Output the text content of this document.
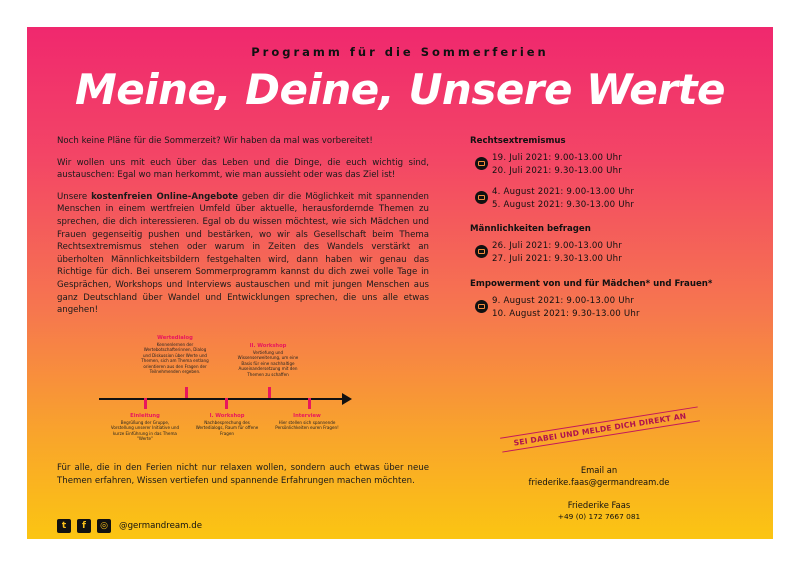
Programm für die Sommerferien
Meine, Deine, Unsere Werte

Noch keine Pläne für die Sommerzeit? Wir haben da mal was vorbereitet!

Wir wollen uns mit euch über das Leben und die Dinge, die euch wichtig sind, austauschen: Egal wo man herkommt, wie man aussieht oder was das Ziel ist!

Unsere kostenfreien Online-Angebote geben dir die Möglichkeit mit spannenden Menschen in einem wertfreien Umfeld über aktuelle, herausfordernde Themen zu sprechen, die dich interessieren. Egal ob du wissen möchtest, wie sich Mädchen und Frauen gegenseitig pushen und bestärken, wo wir als Gesellschaft beim Thema Rechtsextremismus stehen oder warum in Zeiten des Wandels verstärkt an überholten Männlichkeitsbildern festgehalten wird, dann haben wir genau das Richtige für dich. Bei unserem Sommerprogramm kannst du dich zwei volle Tage in Gesprächen, Workshops und Interviews austauschen und mit jungen Menschen aus ganz Deutschland über Wandel und Entwicklungen sprechen, die uns alle etwas angehen!

Wertedialog
Kennenlernen der Wertebotschafterinnen, Dialog und Diskussion über Werte und Themen, sich am Thema entlang orientieren aus den Fragen der Teilnehmenden ergeben.
II. Workshop
Vertiefung und Wissenserweiterung, um eine Basis für eine nachhaltige Auseinandersetzung mit den Themen zu schaffen
Einleitung
Begrüßung der Gruppe, Vorstellung unserer Initiative und kurze Einführung in das Thema "Werte"
I. Workshop
Nachbesprechung des Wertedialogs, Raum für offene Fragen
Interview
Hier stellen sich spannende Persönlichkeiten euren Fragen!
Für alle, die in den Ferien nicht nur relaxen wollen, sondern auch etwas über neue Themen erfahren, Wissen vertiefen und spannende Erfahrungen machen möchten.
t	f	◎	@germandream.de
Rechtsextremismus
19. Juli 2021: 9.00-13.00 Uhr
20. Juli 2021: 9.30-13.00 Uhr
4. August 2021: 9.00-13.00 Uhr
5. August 2021: 9.30-13.00 Uhr
Männlichkeiten befragen
26. Juli 2021: 9.00-13.00 Uhr
27. Juli 2021: 9.30-13.00 Uhr
Empowerment von und für Mädchen* und Frauen*
9. August 2021: 9.00-13.00 Uhr
10. August 2021: 9.30-13.00 Uhr
SEI DABEI UND MELDE DICH DIREKT AN
Email an
friederike.faas@germandream.de
Friederike Faas
+49 (0) 172 7667 081
